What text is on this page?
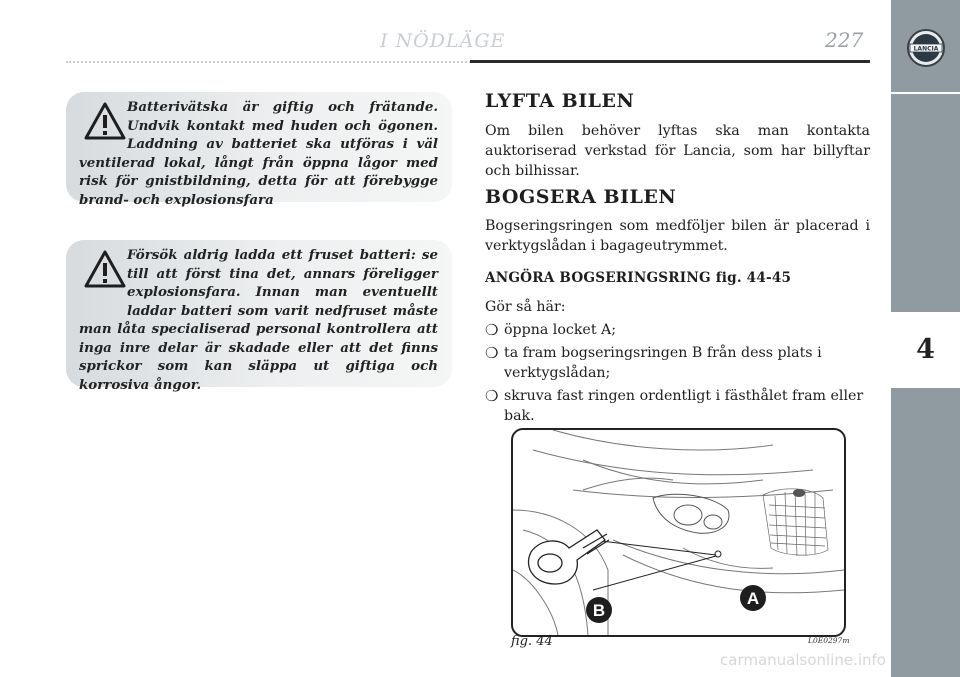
I NÖDLÄGE	227	LANCIA
4
Batterivätska är giftig och frätande. Undvik kontakt med huden och ögonen. Laddning av batteriet ska utföras i väl ventilerad lokal, långt från öppna lågor med risk för gnistbildning, detta för att förebygge brand- och explosionsfara
Försök aldrig ladda ett fruset batteri: se till att först tina det, annars föreligger explosionsfara. Innan man eventuellt laddar batteri som varit nedfruset måste man låta specialiserad personal kontrollera att inga inre delar är skadade eller att det finns sprickor som kan släppa ut giftiga och korrosiva ångor.
LYFTA BILEN
Om bilen behöver lyftas ska man kontakta auktoriserad verkstad för Lancia, som har billyftar och bilhissar.
BOGSERA BILEN
Bogseringsringen som medföljer bilen är placerad i verktygslådan i bagageutrymmet.
ANGÖRA BOGSERINGSRING fig. 44-45
Gör så här:
❍ öppna locket A;
❍ ta fram bogseringsringen B från dess plats i verktygslådan;
❍ skruva fast ringen ordentligt i fästhålet fram eller bak.
A
B
fig. 44	L0E0297m
carmanualsonline.info
